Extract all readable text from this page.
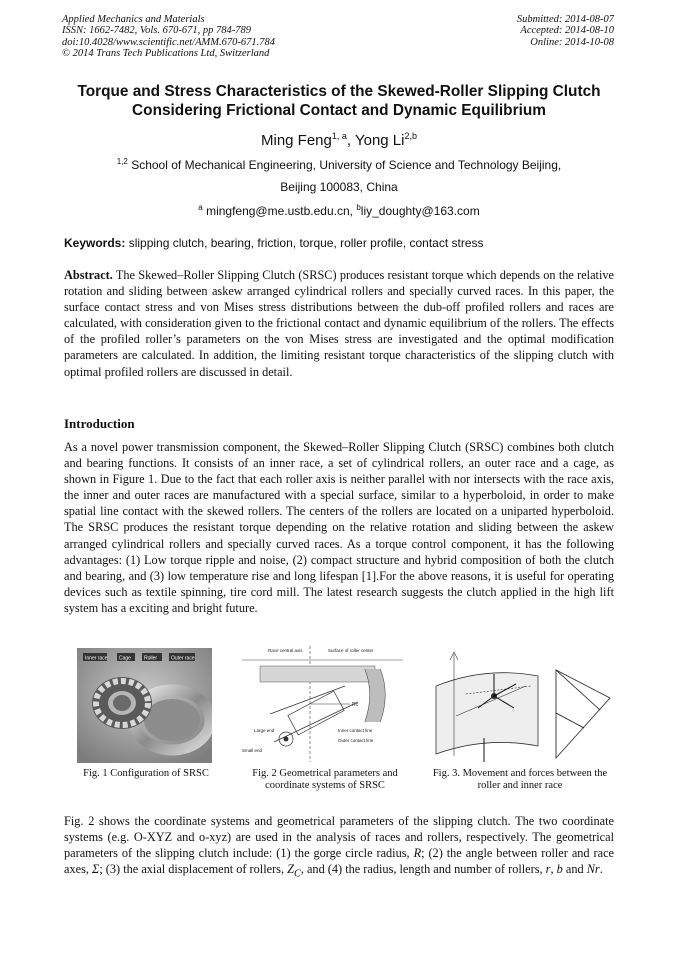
Applied Mechanics and Materials
ISSN: 1662-7482, Vols. 670-671, pp 784-789
doi:10.4028/www.scientific.net/AMM.670-671.784
© 2014 Trans Tech Publications Ltd, Switzerland
Submitted: 2014-08-07
Accepted: 2014-08-10
Online: 2014-10-08
Torque and Stress Characteristics of the Skewed-Roller Slipping Clutch
Considering Frictional Contact and Dynamic Equilibrium
Ming Feng$^{1, a}$, Yong Li$^{2,b}$
$^{1,2}$ School of Mechanical Engineering, University of Science and Technology Beijing,
Beijing 100083, China
$^a$ mingfeng@me.ustb.edu.cn, $^b$liy_doughty@163.com
Keywords: slipping clutch, bearing, friction, torque, roller profile, contact stress
Abstract. The Skewed–Roller Slipping Clutch (SRSC) produces resistant torque which depends on the relative rotation and sliding between askew arranged cylindrical rollers and specially curved races. In this paper, the surface contact stress and von Mises stress distributions between the dub-off profiled rollers and races are calculated, with consideration given to the frictional contact and dynamic equilibrium of the rollers. The effects of the profiled roller’s parameters on the von Mises stress are investigated and the optimal modification parameters are calculated. In addition, the limiting resistant torque characteristics of the slipping clutch with optimal profiled rollers are discussed in detail.
Introduction
As a novel power transmission component, the Skewed–Roller Slipping Clutch (SRSC) combines both clutch and bearing functions. It consists of an inner race, a set of cylindrical rollers, an outer race and a cage, as shown in Figure 1. Due to the fact that each roller axis is neither parallel with nor intersects with the race axis, the inner and outer races are manufactured with a special surface, similar to a hyperboloid, in order to make spatial line contact with the skewed rollers. The centers of the rollers are located on a uniparted hyperboloid. The SRSC produces the resistant torque depending on the relative rotation and sliding between the askew arranged cylindrical rollers and specially curved races. As a torque control component, it has the following advantages: (1) Low torque ripple and noise, (2) compact structure and hybrid composition of both the clutch and bearing, and (3) low temperature rise and long lifespan [1].For the above reasons, it is useful for operating devices such as textile spinning, tire cord mill. The latest research suggests the clutch applied in the high lift system has a exciting and bright future.
Inner race Cage	Roller	Outer race
Race central axis	Surface of roller center
Inner contact line
Outer contact line
Large end
Small end
Rc
Fig. 1 Configuration of SRSC	Fig. 2 Geometrical parameters and coordinate systems of SRSC
Fig. 3. Movement and forces between the roller and inner race
Fig. 2 shows the coordinate systems and geometrical parameters of the slipping clutch. The two coordinate systems (e.g. O-XYZ and o-xyz) are used in the analysis of races and rollers, respectively. The geometrical parameters of the slipping clutch include: (1) the gorge circle radius, R; (2) the angle between roller and race axes, Σ; (3) the axial displacement of rollers, $Z_C$, and (4) the radius, length and number of rollers, r, b and Nr.
